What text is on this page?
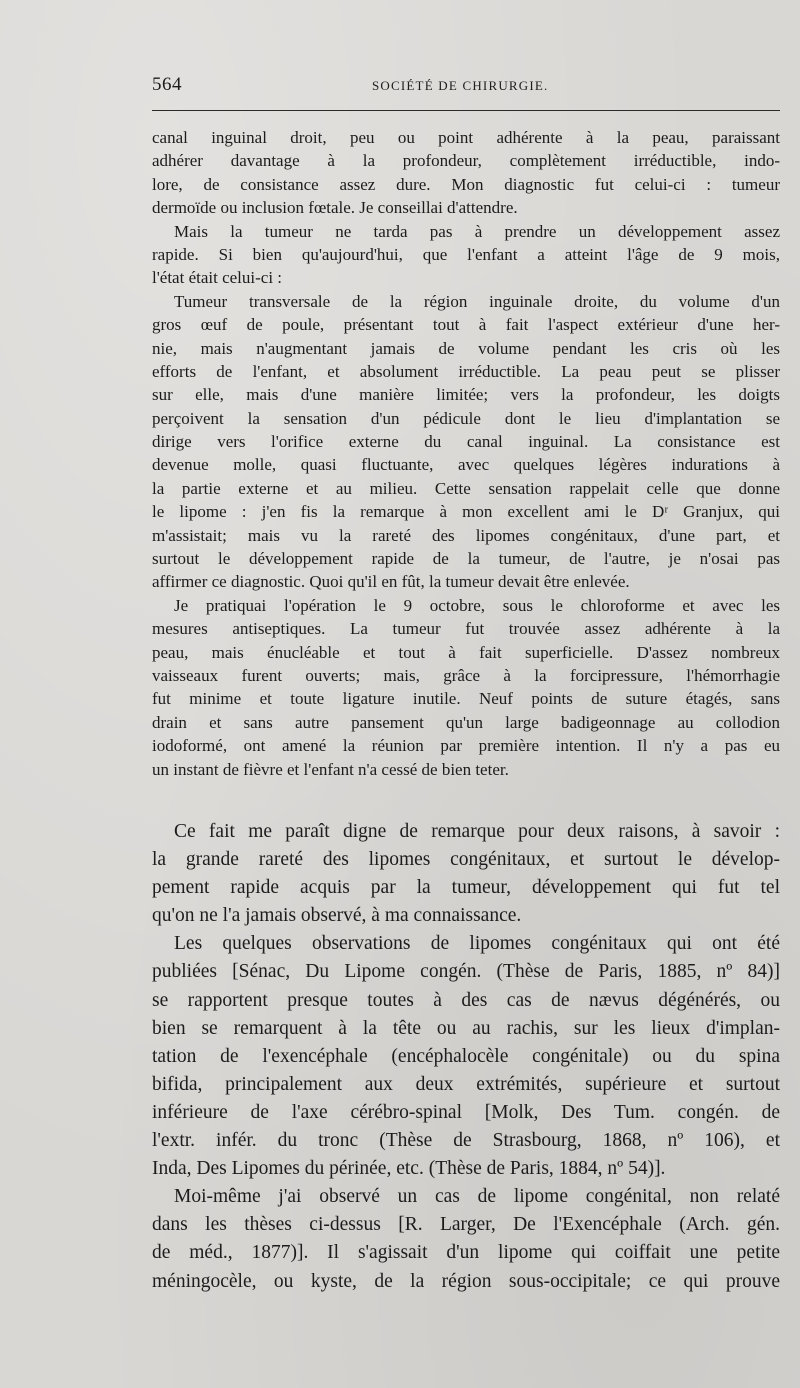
564	SOCIÉTÉ DE CHIRURGIE.
canal inguinal droit, peu ou point adhérente à la peau, paraissant
adhérer davantage à la profondeur, complètement irréductible, indo-
lore, de consistance assez dure. Mon diagnostic fut celui-ci : tumeur
dermoïde ou inclusion fœtale. Je conseillai d'attendre.
Mais la tumeur ne tarda pas à prendre un développement assez
rapide. Si bien qu'aujourd'hui, que l'enfant a atteint l'âge de 9 mois,
l'état était celui-ci :
Tumeur transversale de la région inguinale droite, du volume d'un
gros œuf de poule, présentant tout à fait l'aspect extérieur d'une her-
nie, mais n'augmentant jamais de volume pendant les cris où les
efforts de l'enfant, et absolument irréductible. La peau peut se plisser
sur elle, mais d'une manière limitée; vers la profondeur, les doigts
perçoivent la sensation d'un pédicule dont le lieu d'implantation se
dirige vers l'orifice externe du canal inguinal. La consistance est
devenue molle, quasi fluctuante, avec quelques légères indurations à
la partie externe et au milieu. Cette sensation rappelait celle que donne
le lipome : j'en fis la remarque à mon excellent ami le Dʳ Granjux, qui
m'assistait; mais vu la rareté des lipomes congénitaux, d'une part, et
surtout le développement rapide de la tumeur, de l'autre, je n'osai pas
affirmer ce diagnostic. Quoi qu'il en fût, la tumeur devait être enlevée.
Je pratiquai l'opération le 9 octobre, sous le chloroforme et avec les
mesures antiseptiques. La tumeur fut trouvée assez adhérente à la
peau, mais énucléable et tout à fait superficielle. D'assez nombreux
vaisseaux furent ouverts; mais, grâce à la forcipressure, l'hémorrhagie
fut minime et toute ligature inutile. Neuf points de suture étagés, sans
drain et sans autre pansement qu'un large badigeonnage au collodion
iodoformé, ont amené la réunion par première intention. Il n'y a pas eu
un instant de fièvre et l'enfant n'a cessé de bien teter.
Ce fait me paraît digne de remarque pour deux raisons, à savoir :
la grande rareté des lipomes congénitaux, et surtout le dévelop-
pement rapide acquis par la tumeur, développement qui fut tel
qu'on ne l'a jamais observé, à ma connaissance.
Les quelques observations de lipomes congénitaux qui ont été
publiées [Sénac, Du Lipome congén. (Thèse de Paris, 1885, nº 84)]
se rapportent presque toutes à des cas de nævus dégénérés, ou
bien se remarquent à la tête ou au rachis, sur les lieux d'implan-
tation de l'exencéphale (encéphalocèle congénitale) ou du spina
bifida, principalement aux deux extrémités, supérieure et surtout
inférieure de l'axe cérébro-spinal [Molk, Des Tum. congén. de
l'extr. infér. du tronc (Thèse de Strasbourg, 1868, nº 106), et
Inda, Des Lipomes du périnée, etc. (Thèse de Paris, 1884, nº 54)].
Moi-même j'ai observé un cas de lipome congénital, non relaté
dans les thèses ci-dessus [R. Larger, De l'Exencéphale (Arch. gén.
de méd., 1877)]. Il s'agissait d'un lipome qui coiffait une petite
méningocèle, ou kyste, de la région sous-occipitale; ce qui prouve
